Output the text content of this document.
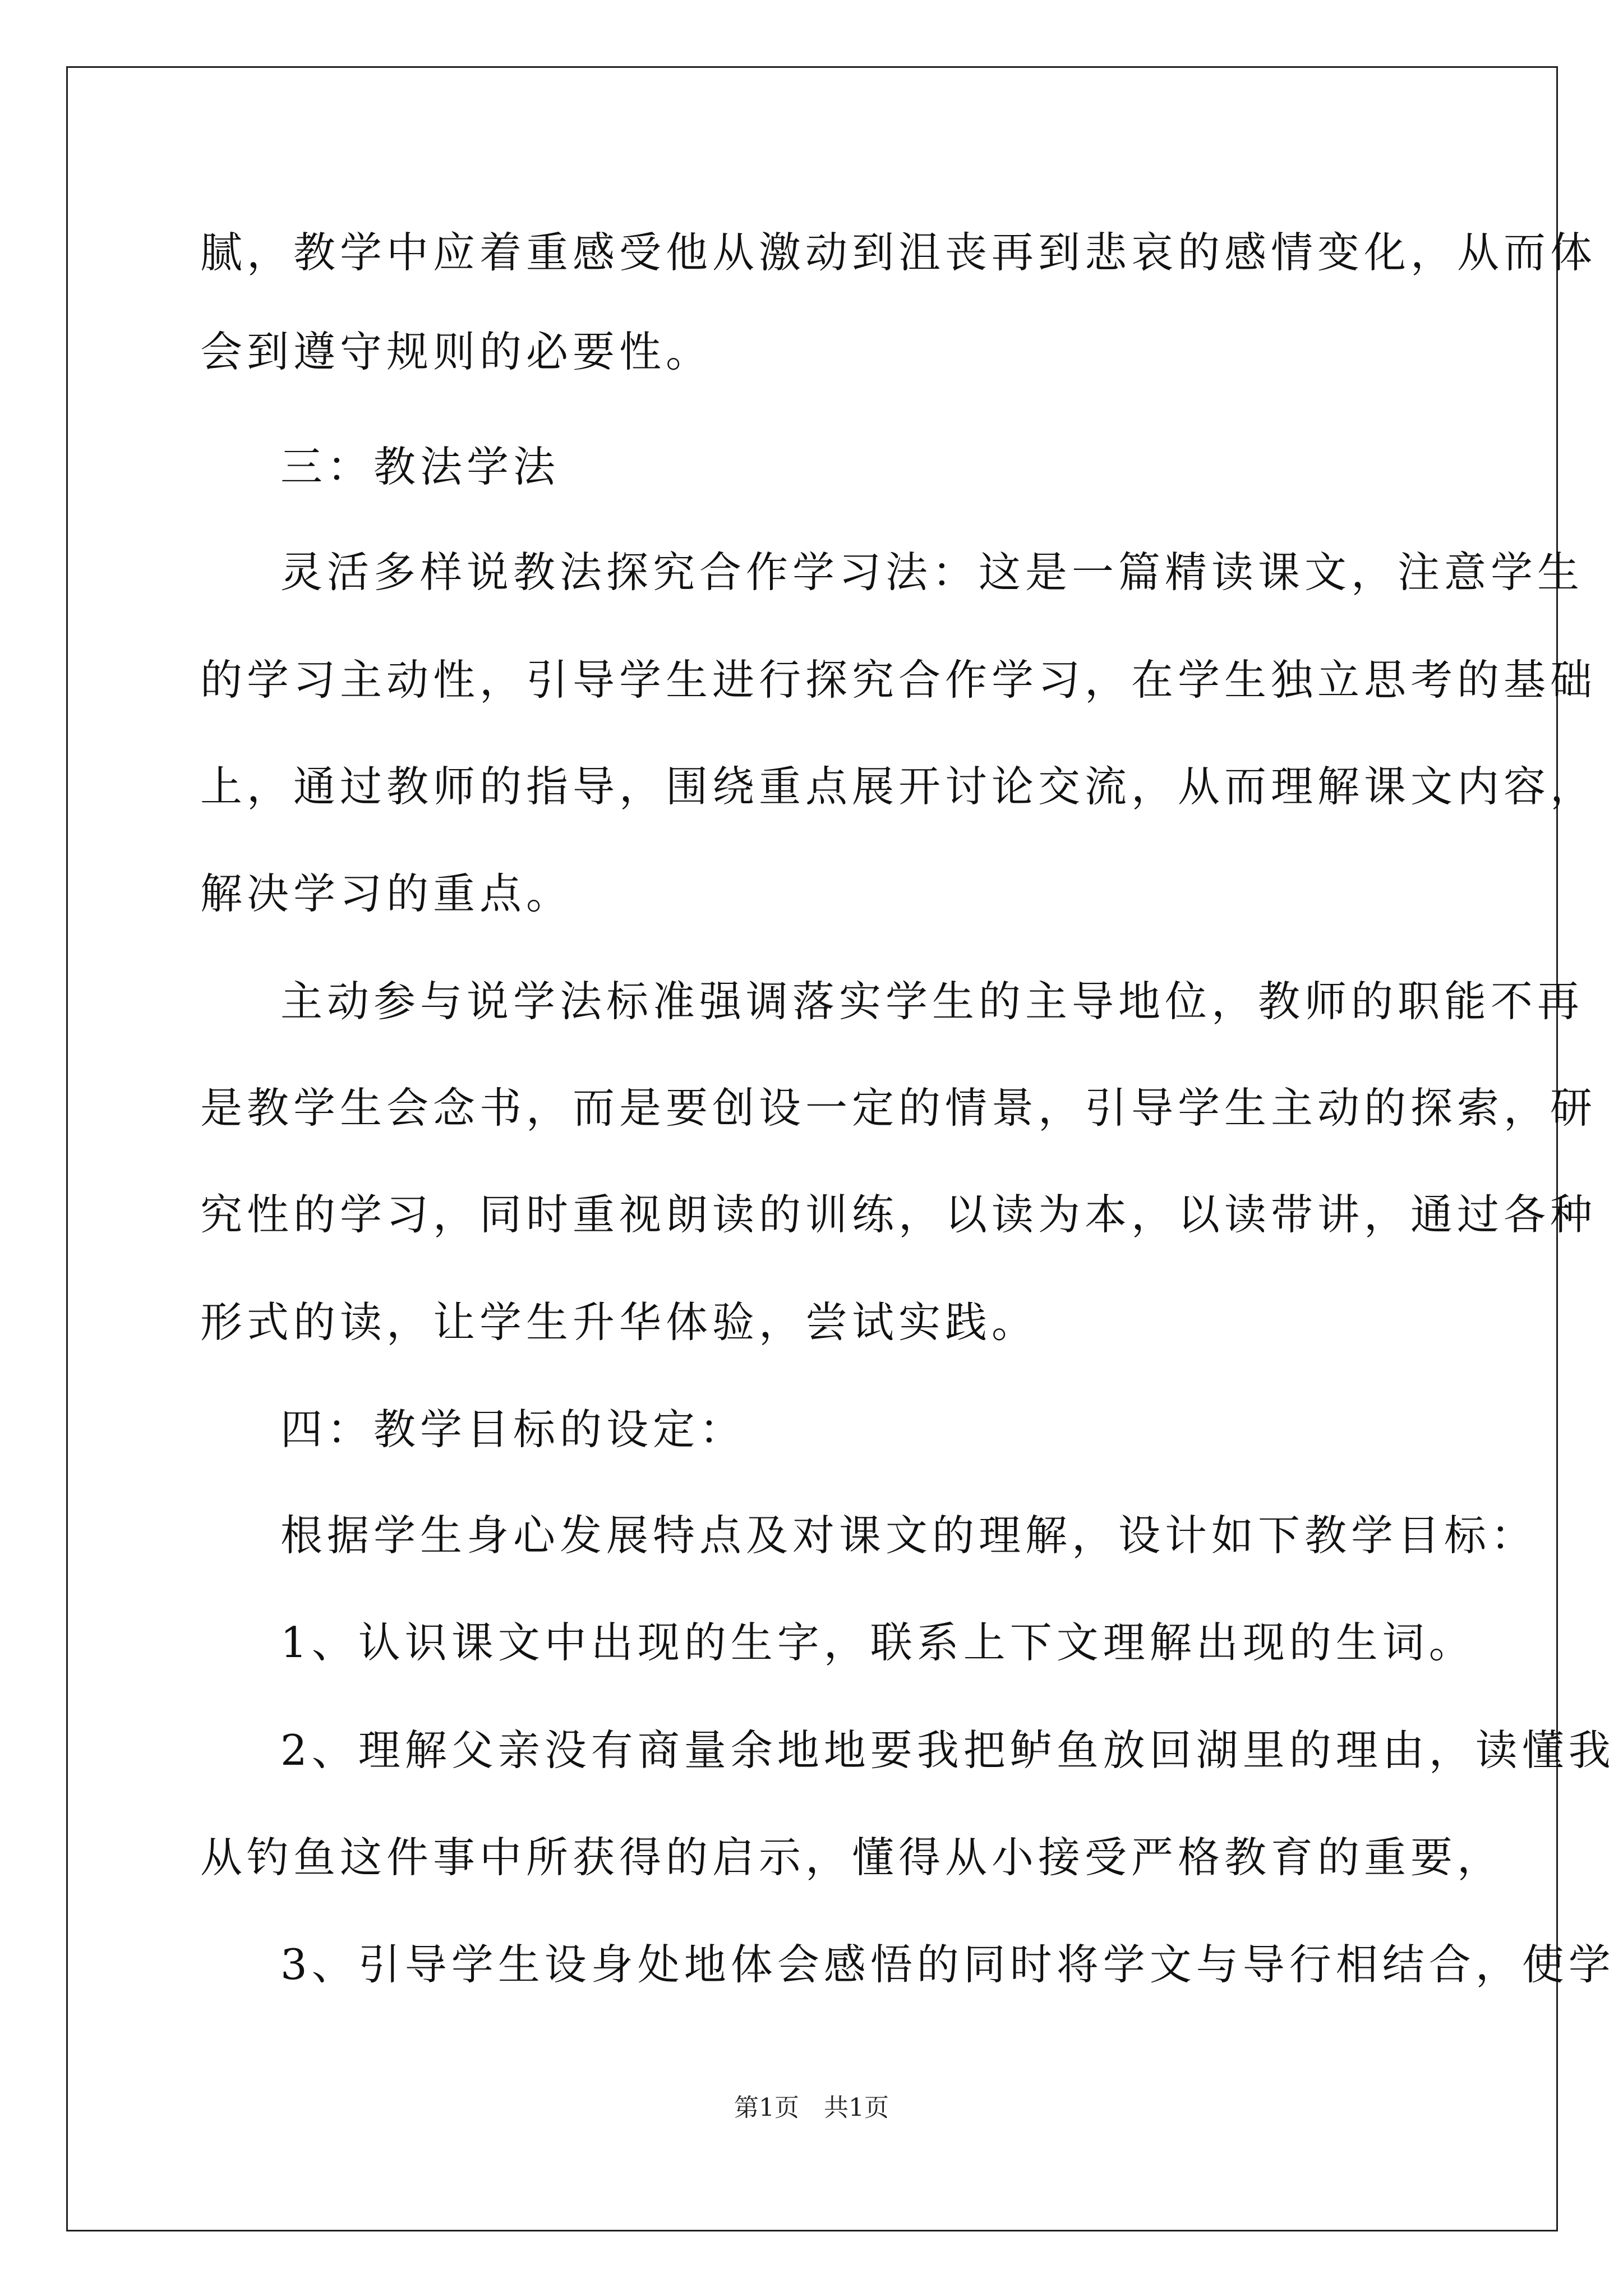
腻，教学中应着重感受他从激动到沮丧再到悲哀的感情变化，从而体
会到遵守规则的必要性。
三：教法学法
灵活多样说教法探究合作学习法：这是一篇精读课文，注意学生
的学习主动性，引导学生进行探究合作学习，在学生独立思考的基础
上，通过教师的指导，围绕重点展开讨论交流，从而理解课文内容，
解决学习的重点。
主动参与说学法标准强调落实学生的主导地位，教师的职能不再
是教学生会念书，而是要创设一定的情景，引导学生主动的探索，研
究性的学习，同时重视朗读的训练，以读为本，以读带讲，通过各种
形式的读，让学生升华体验，尝试实践。
四：教学目标的设定：
根据学生身心发展特点及对课文的理解，设计如下教学目标：
1、认识课文中出现的生字，联系上下文理解出现的生词。
2、理解父亲没有商量余地地要我把鲈鱼放回湖里的理由，读懂我
从钓鱼这件事中所获得的启示，懂得从小接受严格教育的重要，
3、引导学生设身处地体会感悟的同时将学文与导行相结合，使学
第1页　共1页
